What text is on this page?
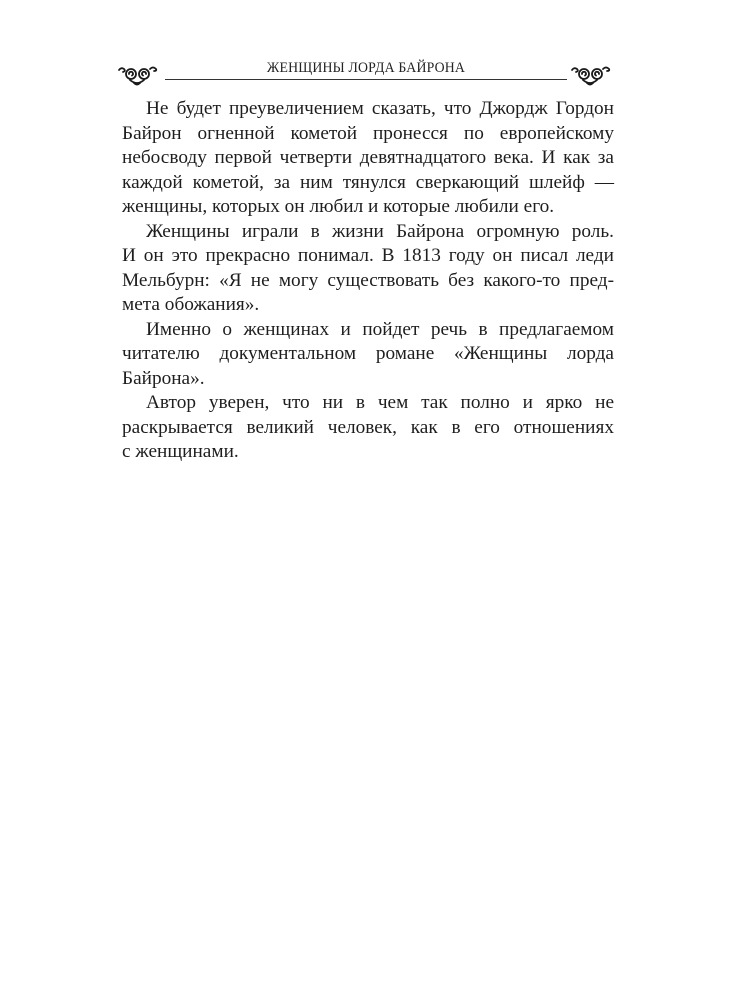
ЖЕНЩИНЫ ЛОРДА БАЙРОНА

Не будет преувеличением сказать, что Джордж Гордон
Байрон огненной кометой пронесся по европейскому
небосводу первой четверти девятнадцатого века. И как за
каждой кометой, за ним тянулся сверкающий шлейф —
женщины, которых он любил и которые любили его.

Женщины играли в жизни Байрона огромную роль.
И он это прекрасно понимал. В 1813 году он писал леди
Мельбурн: «Я не могу существовать без какого-то пред-
мета обожания».

Именно о женщинах и пойдет речь в предлагаемом
читателю документальном романе «Женщины лорда
Байрона».

Автор уверен, что ни в чем так полно и ярко не
раскрывается великий человек, как в его отношениях
с женщинами.
